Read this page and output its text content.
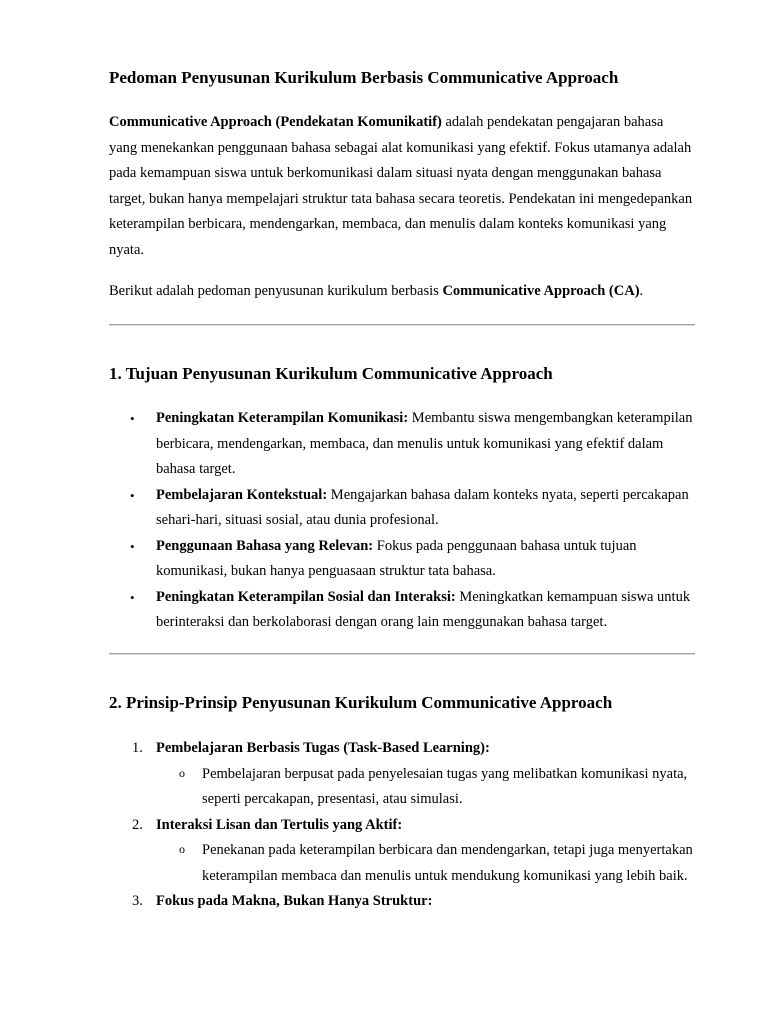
Pedoman Penyusunan Kurikulum Berbasis Communicative Approach

Communicative Approach (Pendekatan Komunikatif) adalah pendekatan pengajaran bahasa yang menekankan penggunaan bahasa sebagai alat komunikasi yang efektif. Fokus utamanya adalah pada kemampuan siswa untuk berkomunikasi dalam situasi nyata dengan menggunakan bahasa target, bukan hanya mempelajari struktur tata bahasa secara teoretis. Pendekatan ini mengedepankan keterampilan berbicara, mendengarkan, membaca, dan menulis dalam konteks komunikasi yang nyata.

Berikut adalah pedoman penyusunan kurikulum berbasis Communicative Approach (CA).

1. Tujuan Penyusunan Kurikulum Communicative Approach
• Peningkatan Keterampilan Komunikasi: Membantu siswa mengembangkan keterampilan berbicara, mendengarkan, membaca, dan menulis untuk komunikasi yang efektif dalam bahasa target.
• Pembelajaran Kontekstual: Mengajarkan bahasa dalam konteks nyata, seperti percakapan sehari-hari, situasi sosial, atau dunia profesional.
• Penggunaan Bahasa yang Relevan: Fokus pada penggunaan bahasa untuk tujuan komunikasi, bukan hanya penguasaan struktur tata bahasa.
• Peningkatan Keterampilan Sosial dan Interaksi: Meningkatkan kemampuan siswa untuk berinteraksi dan berkolaborasi dengan orang lain menggunakan bahasa target.
2. Prinsip-Prinsip Penyusunan Kurikulum Communicative Approach
1. Pembelajaran Berbasis Tugas (Task-Based Learning):
o Pembelajaran berpusat pada penyelesaian tugas yang melibatkan komunikasi nyata, seperti percakapan, presentasi, atau simulasi.
2. Interaksi Lisan dan Tertulis yang Aktif:
o Penekanan pada keterampilan berbicara dan mendengarkan, tetapi juga menyertakan keterampilan membaca dan menulis untuk mendukung komunikasi yang lebih baik.
3. Fokus pada Makna, Bukan Hanya Struktur:
